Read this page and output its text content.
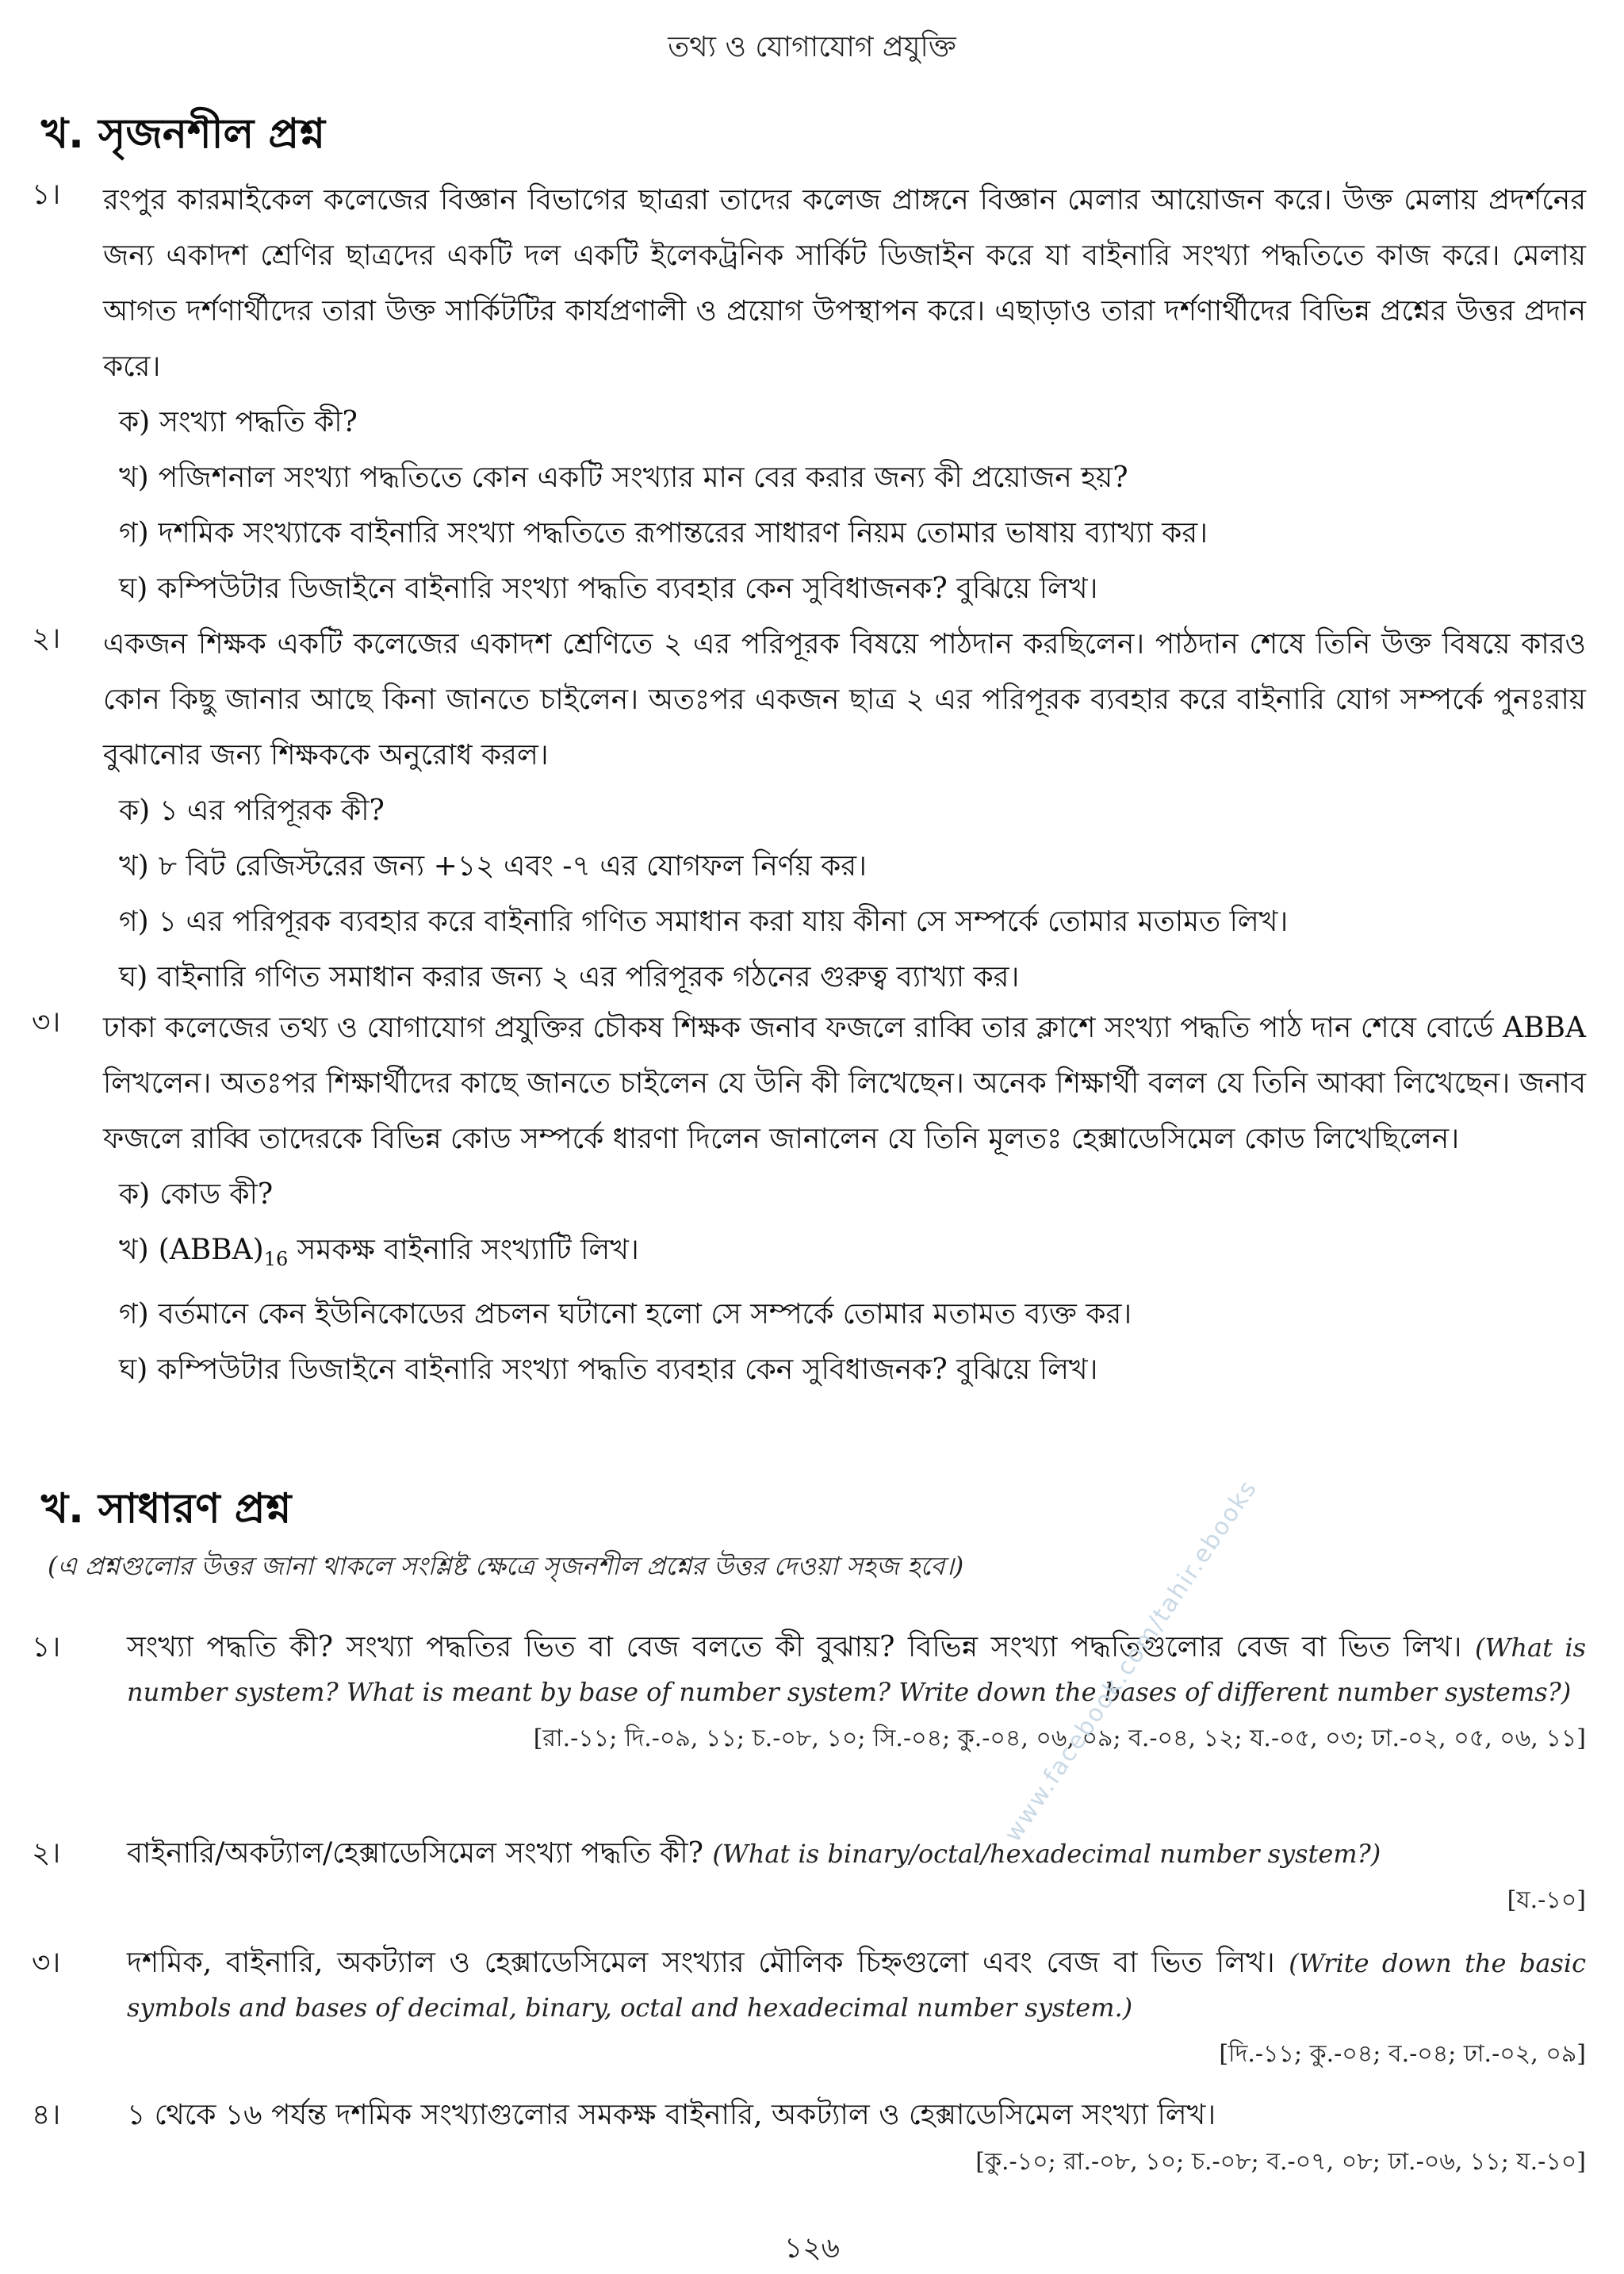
তথ্য ও যোগাযোগ প্রযুক্তি
খ. সৃজনশীল প্রশ্ন
১।	রংপুর কারমাইকেল কলেজের বিজ্ঞান বিভাগের ছাত্ররা তাদের কলেজ প্রাঙ্গনে বিজ্ঞান মেলার আয়োজন করে। উক্ত মেলায় প্রদর্শনের জন্য একাদশ শ্রেণির ছাত্রদের একটি দল একটি ইলেকট্রনিক সার্কিট ডিজাইন করে যা বাইনারি সংখ্যা পদ্ধতিতে কাজ করে। মেলায় আগত দর্শণার্থীদের তারা উক্ত সার্কিটটির কার্যপ্রণালী ও প্রয়োগ উপস্থাপন করে। এছাড়াও তারা দর্শণার্থীদের বিভিন্ন প্রশ্নের উত্তর প্রদান করে।
ক) সংখ্যা পদ্ধতি কী?
খ) পজিশনাল সংখ্যা পদ্ধতিতে কোন একটি সংখ্যার মান বের করার জন্য কী প্রয়োজন হয়?
গ) দশমিক সংখ্যাকে বাইনারি সংখ্যা পদ্ধতিতে রূপান্তরের সাধারণ নিয়ম তোমার ভাষায় ব্যাখ্যা কর।
ঘ) কম্পিউটার ডিজাইনে বাইনারি সংখ্যা পদ্ধতি ব্যবহার কেন সুবিধাজনক? বুঝিয়ে লিখ।
২।	একজন শিক্ষক একটি কলেজের একাদশ শ্রেণিতে ২ এর পরিপূরক বিষয়ে পাঠদান করছিলেন। পাঠদান শেষে তিনি উক্ত বিষয়ে কারও কোন কিছু জানার আছে কিনা জানতে চাইলেন। অতঃপর একজন ছাত্র ২ এর পরিপূরক ব্যবহার করে বাইনারি যোগ সম্পর্কে পুনঃরায় বুঝানোর জন্য শিক্ষককে অনুরোধ করল।
ক) ১ এর পরিপূরক কী?
খ) ৮ বিট রেজিস্টরের জন্য +১২ এবং -৭ এর যোগফল নির্ণয় কর।
গ) ১ এর পরিপূরক ব্যবহার করে বাইনারি গণিত সমাধান করা যায় কীনা সে সম্পর্কে তোমার মতামত লিখ।
ঘ) বাইনারি গণিত সমাধান করার জন্য ২ এর পরিপূরক গঠনের গুরুত্ব ব্যাখ্যা কর।
৩।	ঢাকা কলেজের তথ্য ও যোগাযোগ প্রযুক্তির চৌকষ শিক্ষক জনাব ফজলে রাব্বি তার ক্লাশে সংখ্যা পদ্ধতি পাঠ দান শেষে বোর্ডে ABBA লিখলেন। অতঃপর শিক্ষার্থীদের কাছে জানতে চাইলেন যে উনি কী লিখেছেন। অনেক শিক্ষার্থী বলল যে তিনি আব্বা লিখেছেন। জনাব ফজলে রাব্বি তাদেরকে বিভিন্ন কোড সম্পর্কে ধারণা দিলেন জানালেন যে তিনি মূলতঃ হেক্সাডেসিমেল কোড লিখেছিলেন।
ক) কোড কী?
খ) $(ABBA)_{16}$ সমকক্ষ বাইনারি সংখ্যাটি লিখ।
গ) বর্তমানে কেন ইউনিকোডের প্রচলন ঘটানো হলো সে সম্পর্কে তোমার মতামত ব্যক্ত কর।
ঘ) কম্পিউটার ডিজাইনে বাইনারি সংখ্যা পদ্ধতি ব্যবহার কেন সুবিধাজনক? বুঝিয়ে লিখ।
খ. সাধারণ প্রশ্ন
(এ প্রশ্নগুলোর উত্তর জানা থাকলে সংশ্লিষ্ট ক্ষেত্রে সৃজনশীল প্রশ্নের উত্তর দেওয়া সহজ হবে।)
১।	সংখ্যা পদ্ধতি কী? সংখ্যা পদ্ধতির ভিত বা বেজ বলতে কী বুঝায়? বিভিন্ন সংখ্যা পদ্ধতিগুলোর বেজ বা ভিত লিখ। (What is number system? What is meant by base of number system? Write down the bases of different number systems?)
[রা.-১১; দি.-০৯, ১১; চ.-০৮, ১০; সি.-০৪; কু.-০৪, ০৬, ০৯; ব.-০৪, ১২; য.-০৫, ০৩; ঢা.-০২, ০৫, ০৬, ১১]
২।	বাইনারি/অকট্যাল/হেক্সাডেসিমেল সংখ্যা পদ্ধতি কী? (What is binary/octal/hexadecimal number system?)
[য.-১০]
৩।	দশমিক, বাইনারি, অকট্যাল ও হেক্সাডেসিমেল সংখ্যার মৌলিক চিহ্নগুলো এবং বেজ বা ভিত লিখ। (Write down the basic symbols and bases of decimal, binary, octal and hexadecimal number system.)
[দি.-১১; কু.-০৪; ব.-০৪; ঢা.-০২, ০৯]
৪।	১ থেকে ১৬ পর্যন্ত দশমিক সংখ্যাগুলোর সমকক্ষ বাইনারি, অকট্যাল ও হেক্সাডেসিমেল সংখ্যা লিখ।
[কু.-১০; রা.-০৮, ১০; চ.-০৮; ব.-০৭, ০৮; ঢা.-০৬, ১১; য.-১০]
www.facebook.com/tahir.ebooks
১২৬
